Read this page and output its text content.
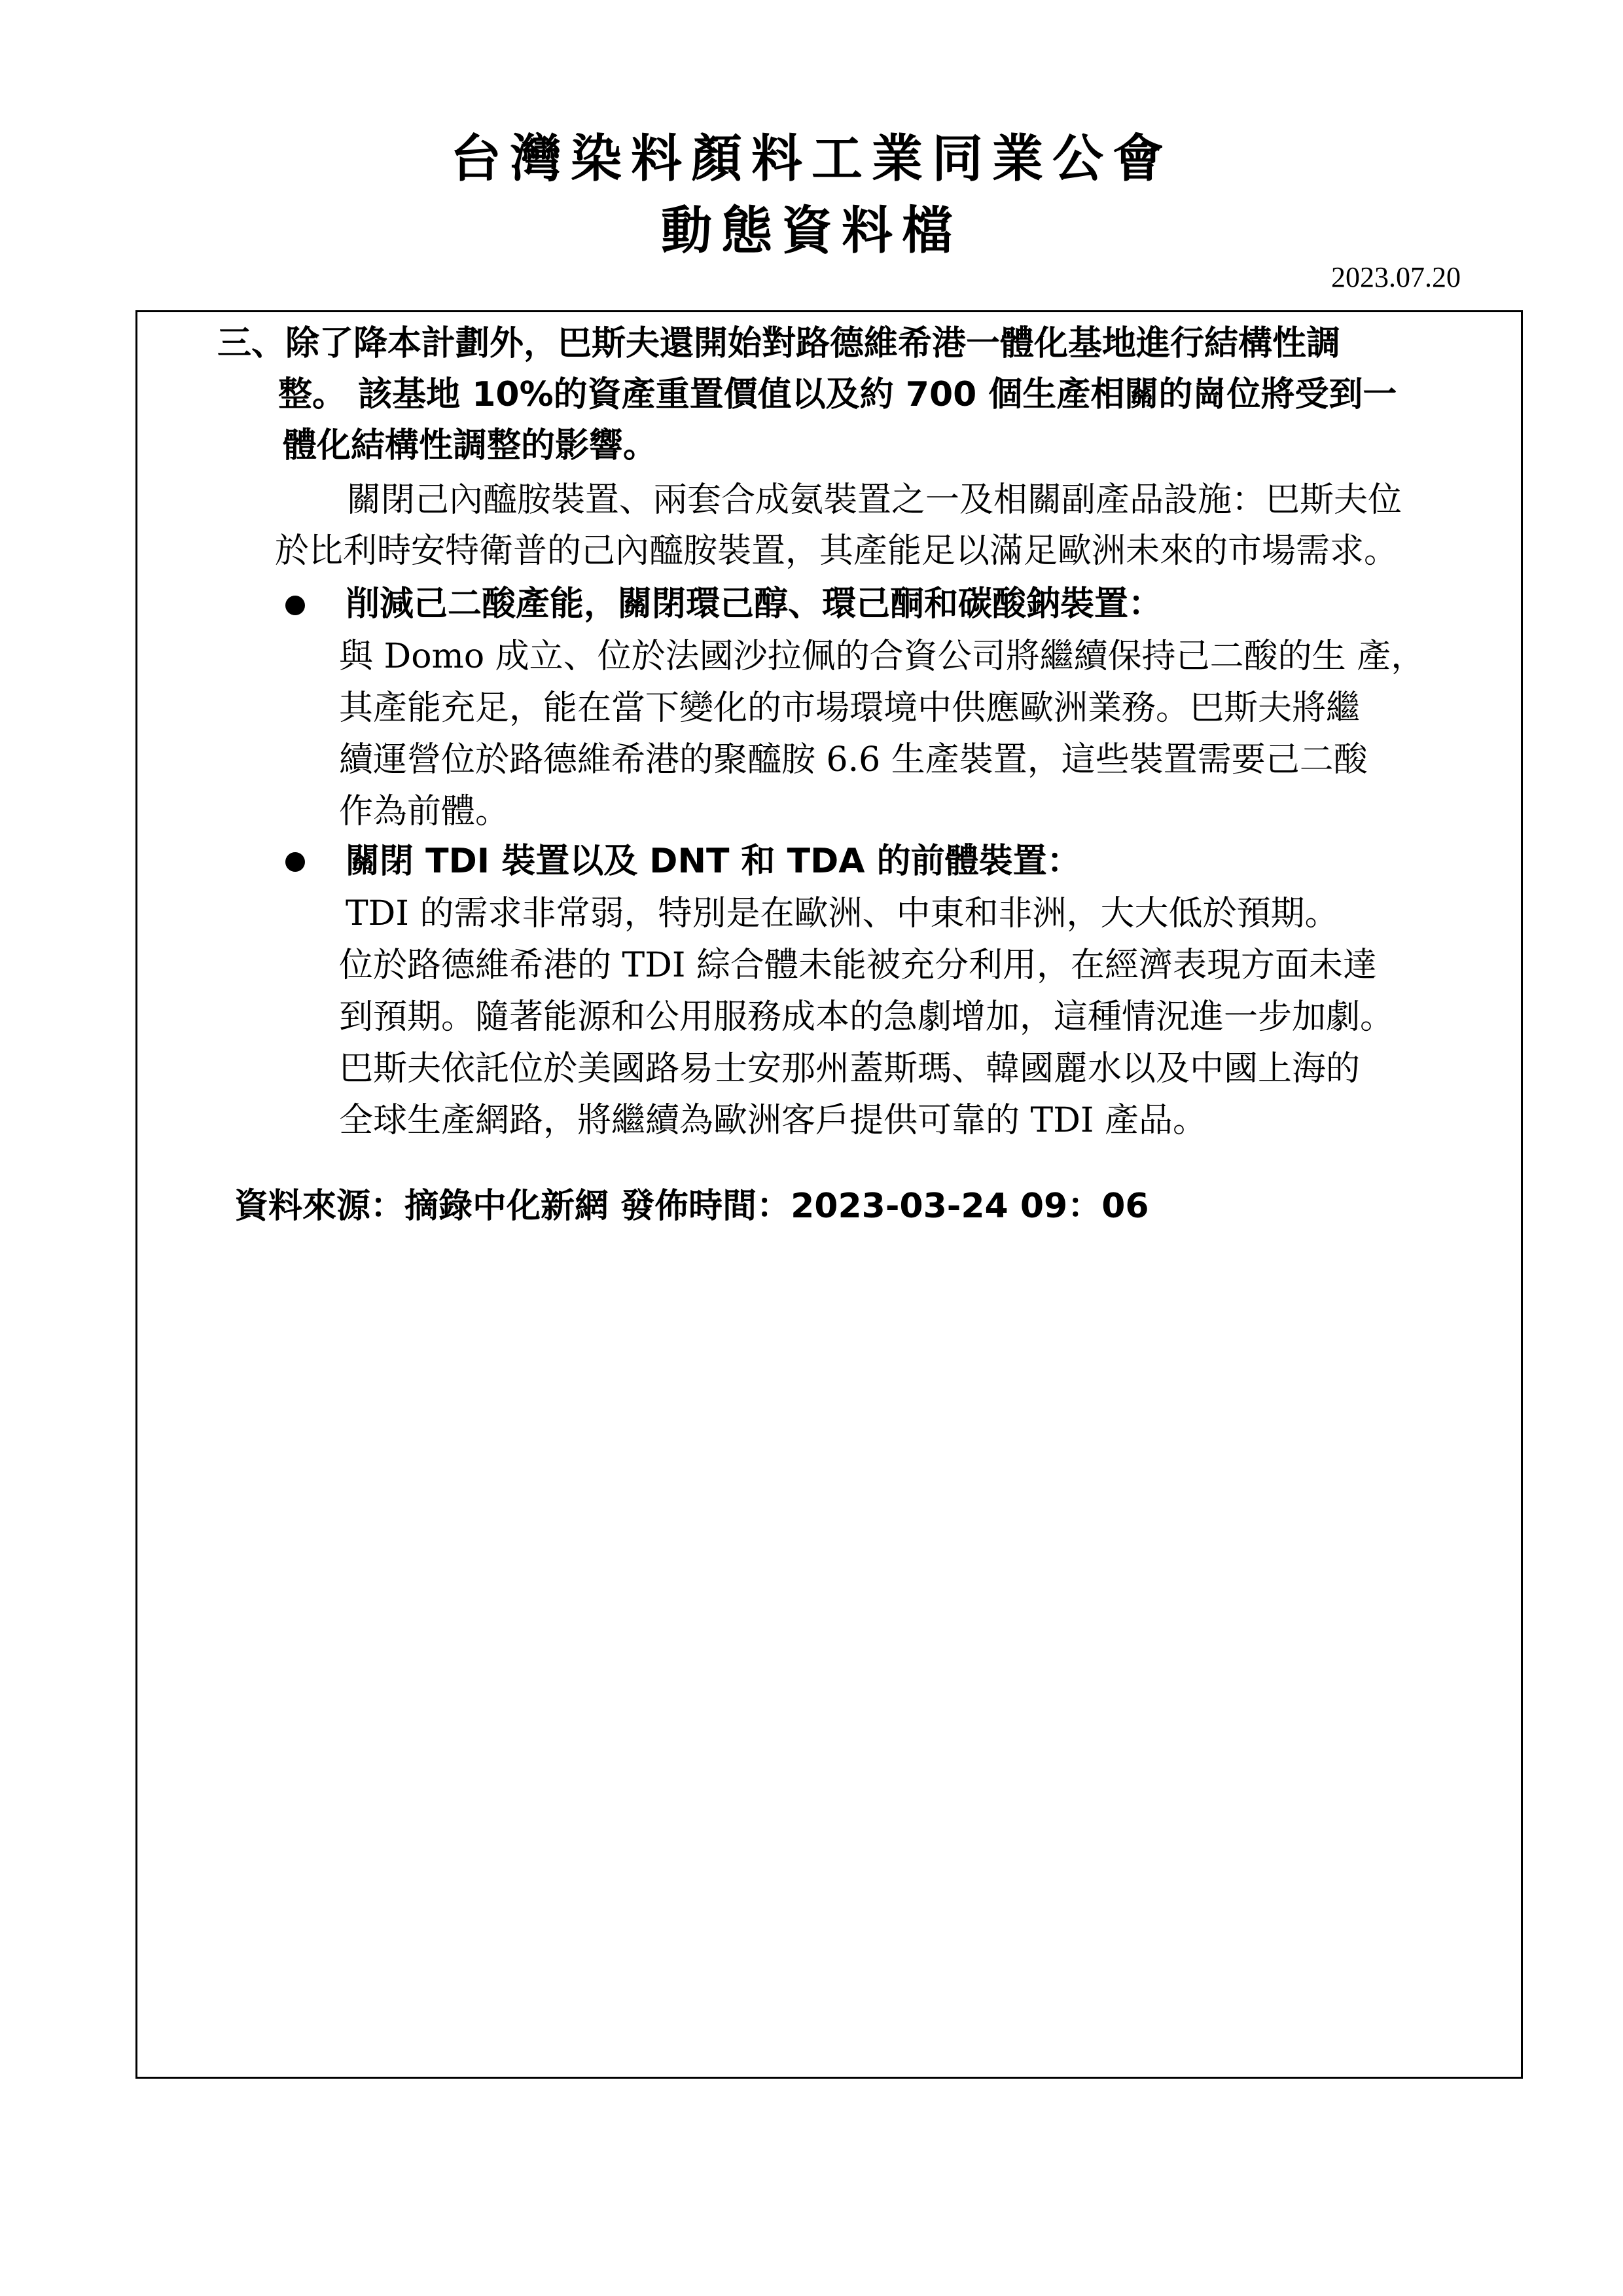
台灣染料顏料工業同業公會
動態資料檔
2023.07.20
三、除了降本計劃外，巴斯夫還開始對路德維希港一體化基地進行結構性調
整。 該基地 10%的資產重置價值以及約 700 個生產相關的崗位將受到一
體化結構性調整的影響。
關閉己內醯胺裝置、兩套合成氨裝置之一及相關副產品設施：巴斯夫位
於比利時安特衛普的己內醯胺裝置，其產能足以滿足歐洲未來的市場需求。
削減己二酸產能，關閉環己醇、環己酮和碳酸鈉裝置：
與 Domo 成立、位於法國沙拉佩的合資公司將繼續保持己二酸的生 產，
其產能充足，能在當下變化的市場環境中供應歐洲業務。巴斯夫將繼
續運營位於路德維希港的聚醯胺 6.6 生產裝置，這些裝置需要己二酸
作為前體。
關閉 TDI 裝置以及 DNT 和 TDA 的前體裝置：
TDI 的需求非常弱，特別是在歐洲、中東和非洲，大大低於預期。
位於路德維希港的 TDI 綜合體未能被充分利用，在經濟表現方面未達
到預期。隨著能源和公用服務成本的急劇增加，這種情況進一步加劇。
巴斯夫依託位於美國路易士安那州蓋斯瑪、韓國麗水以及中國上海的
全球生產網路，將繼續為歐洲客戶提供可靠的 TDI 產品。
資料來源：摘錄中化新網 發佈時間：2023-03-24 09：06
